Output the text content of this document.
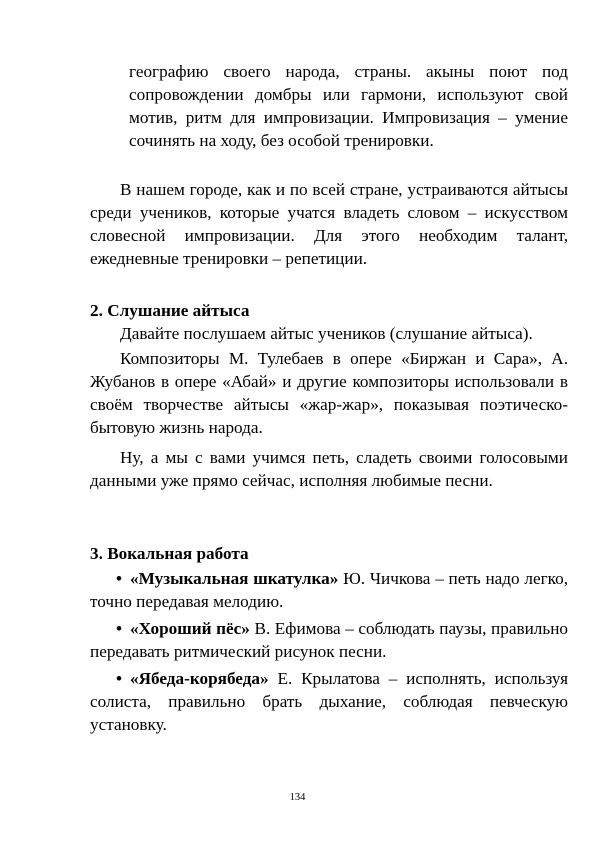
географию своего народа, страны. акыны поют под сопровождении домбры или гармони, используют свой мотив, ритм для импровизации. Импровизация – умение сочинять на ходу, без особой тренировки.

В нашем городе, как и по всей стране, устраиваются айтысы среди учеников, которые учатся владеть словом – искусством словесной импровизации. Для этого необходим талант, ежедневные тренировки – репетиции.

2. Слушание айтыса

Давайте послушаем айтыс учеников (слушание айтыса).

Композиторы М. Тулебаев в опере «Биржан и Сара», А. Жубанов в опере «Абай» и другие композиторы использовали в своём творчестве айтысы «жар-жар», показывая поэтическо-бытовую жизнь народа.

Ну, а мы с вами учимся петь, сладеть своими голосовыми данными уже прямо сейчас, исполняя любимые песни.

3. Вокальная работа

• «Музыкальная шкатулка» Ю. Чичкова – петь надо легко, точно передавая мелодию.

• «Хороший пёс» В. Ефимова – соблюдать паузы, правильно передавать ритмический рисунок песни.

• «Ябеда-корябеда» Е. Крылатова – исполнять, используя солиста, правильно брать дыхание, соблюдая певческую установку.

134
